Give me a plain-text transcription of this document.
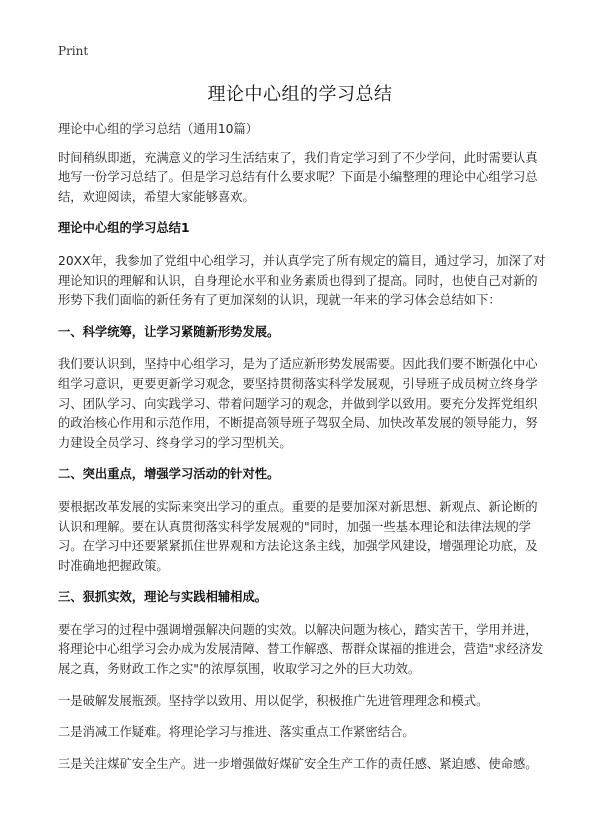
Print
理论中心组的学习总结

理论中心组的学习总结（通用10篇）

时间稍纵即逝，充满意义的学习生活结束了，我们肯定学习到了不少学问，此时需要认真地写一份学习总结了。但是学习总结有什么要求呢？下面是小编整理的理论中心组学习总结，欢迎阅读，希望大家能够喜欢。

理论中心组的学习总结1

20XX年，我参加了党组中心组学习，并认真学完了所有规定的篇目，通过学习，加深了对理论知识的理解和认识，自身理论水平和业务素质也得到了提高。同时，也使自己对新的形势下我们面临的新任务有了更加深刻的认识，现就一年来的学习体会总结如下：

一、科学统筹，让学习紧随新形势发展。

我们要认识到，坚持中心组学习，是为了适应新形势发展需要。因此我们要不断强化中心组学习意识，更要更新学习观念，要坚持贯彻落实科学发展观，引导班子成员树立终身学习、团队学习、向实践学习、带着问题学习的观念，并做到学以致用。要充分发挥党组织的政治核心作用和示范作用，不断提高领导班子驾驭全局、加快改革发展的领导能力，努力建设全员学习、终身学习的学习型机关。

二、突出重点，增强学习活动的针对性。

要根据改革发展的实际来突出学习的重点。重要的是要加深对新思想、新观点、新论断的认识和理解。要在认真贯彻落实科学发展观的"同时，加强一些基本理论和法律法规的学习。在学习中还要紧紧抓住世界观和方法论这条主线，加强学风建设，增强理论功底，及时准确地把握政策。

三、狠抓实效，理论与实践相辅相成。

要在学习的过程中强调增强解决问题的实效。以解决问题为核心，踏实苦干，学用并进，将理论中心组学习会办成为发展清障、替工作解惑、帮群众谋福的推进会，营造"求经济发展之真，务财政工作之实"的浓厚氛围，收取学习之外的巨大功效。

一是破解发展瓶颈。坚持学以致用、用以促学，积极推广先进管理理念和模式。

二是消减工作疑难。将理论学习与推进、落实重点工作紧密结合。

三是关注煤矿安全生产。进一步增强做好煤矿安全生产工作的责任感、紧迫感、使命感。
